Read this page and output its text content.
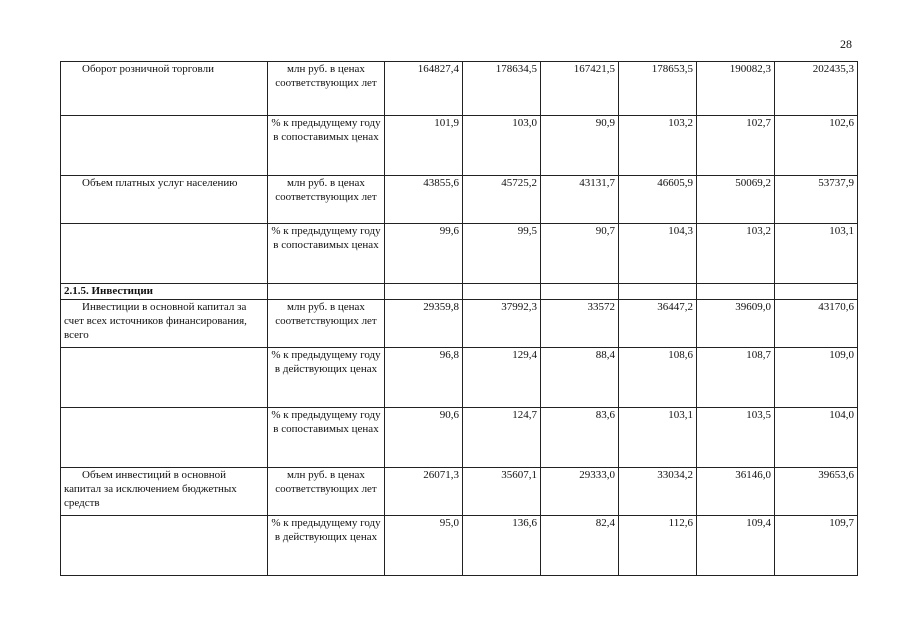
28
Оборот розничной торговли	млн руб. в ценах соответствующих лет	164827,4	178634,5	167421,5	178653,5	190082,3	202435,3

	% к предыдущему году в сопоставимых ценах	101,9	103,0	90,9	103,2	102,7	102,6

Объем платных услуг населению	млн руб. в ценах соответствующих лет	43855,6	45725,2	43131,7	46605,9	50069,2	53737,9

	% к предыдущему году в сопоставимых ценах	99,6	99,5	90,7	104,3	103,2	103,1
2.1.5. Инвестиции							

Инвестиции в основной капитал за счет всех источников финансирования, всего	млн руб. в ценах соответствующих лет	29359,8	37992,3	33572	36447,2	39609,0	43170,6

	% к предыдущему году в действующих ценах	96,8	129,4	88,4	108,6	108,7	109,0

	% к предыдущему году в сопоставимых ценах	90,6	124,7	83,6	103,1	103,5	104,0

Объем инвестиций в основной капитал за исключением бюджетных средств	млн руб. в ценах соответствующих лет	26071,3	35607,1	29333,0	33034,2	36146,0	39653,6

	% к предыдущему году в действующих ценах	95,0	136,6	82,4	112,6	109,4	109,7
